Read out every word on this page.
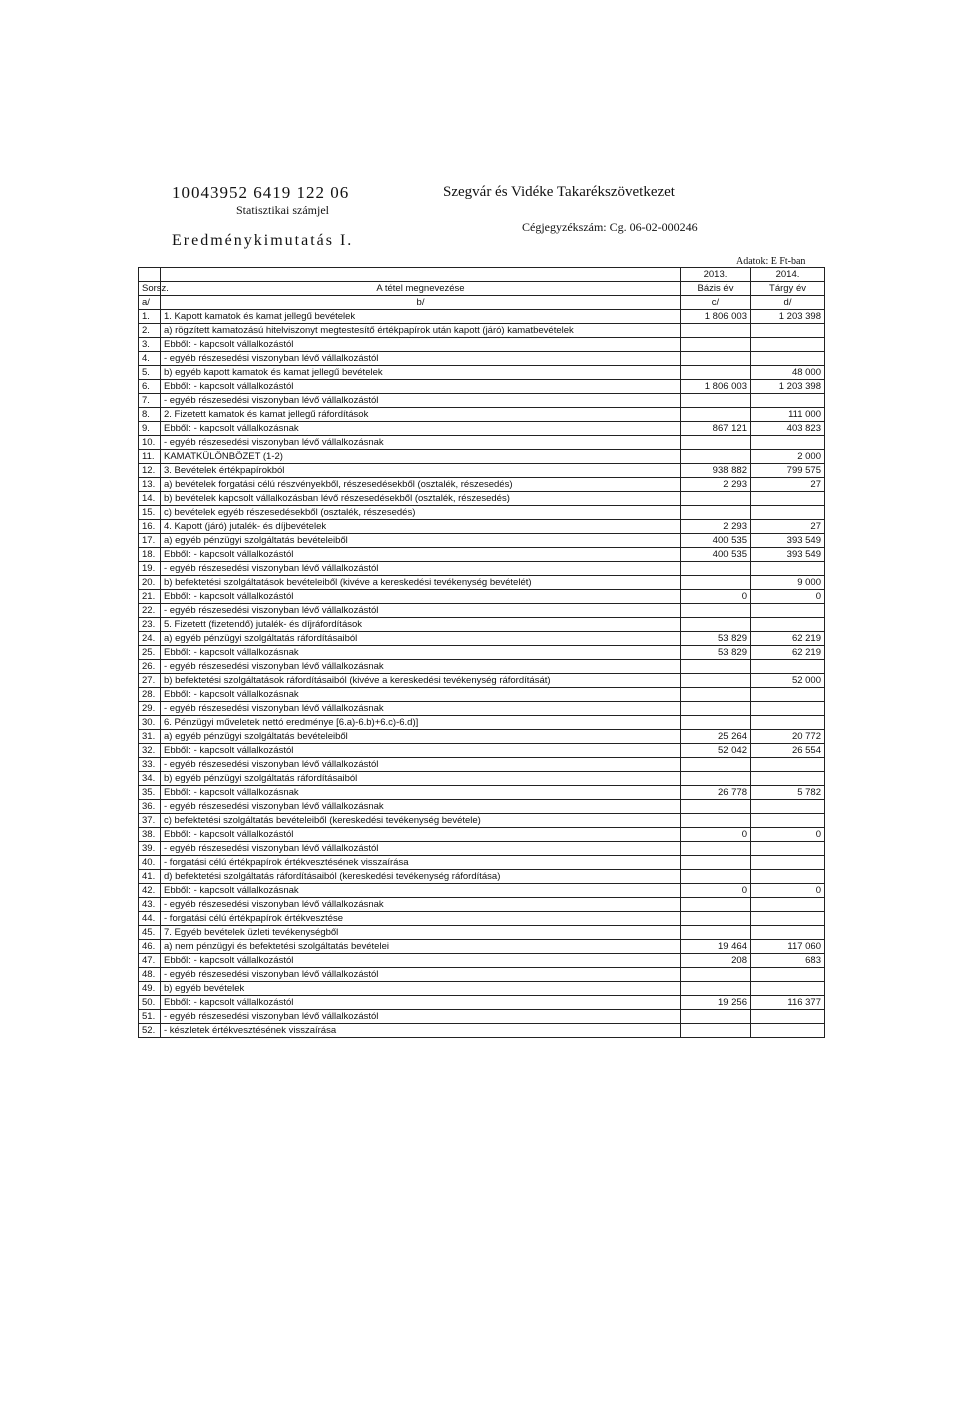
10043952 6419 122 06
Statisztikai számjel
Szegvár és Vidéke Takarékszövetkezet
Cégjegyzékszám: Cg. 06-02-000246
Eredménykimutatás I.
Adatok: E Ft-ban
		2013.	2014.
Sorsz.	A tétel megnevezése	Bázis év	Tárgy év
a/	b/	c/	d/
1.	1. Kapott kamatok és kamat jellegű bevételek	1 806 003	1 203 398
2.	a) rögzített kamatozású hitelviszonyt megtestesítő értékpapírok után kapott (járó) kamatbevételek		
3.	Ebből: - kapcsolt vállalkozástól		
4.	- egyéb részesedési viszonyban lévő vállalkozástól		
5.	b) egyéb kapott kamatok és kamat jellegű bevételek		48 000
6.	Ebből: - kapcsolt vállalkozástól	1 806 003	1 203 398
7.	- egyéb részesedési viszonyban lévő vállalkozástól		
8.	2. Fizetett kamatok és kamat jellegű ráfordítások		111 000
9.	Ebből: - kapcsolt vállalkozásnak	867 121	403 823
10.	- egyéb részesedési viszonyban lévő vállalkozásnak		
11.	KAMATKÜLÖNBÖZET (1-2)		2 000
12.	3. Bevételek értékpapírokból	938 882	799 575
13.	a) bevételek forgatási célú részvényekből, részesedésekből (osztalék, részesedés)	2 293	27
14.	b) bevételek kapcsolt vállalkozásban lévő részesedésekből (osztalék, részesedés)		
15.	c) bevételek egyéb részesedésekből (osztalék, részesedés)		
16.	4. Kapott (járó) jutalék- és díjbevételek	2 293	27
17.	a) egyéb pénzügyi szolgáltatás bevételeiből	400 535	393 549
18.	Ebből: - kapcsolt vállalkozástól	400 535	393 549
19.	- egyéb részesedési viszonyban lévő vállalkozástól		
20.	b) befektetési szolgáltatások bevételeiből (kivéve a kereskedési tevékenység bevételét)		9 000
21.	Ebből: - kapcsolt vállalkozástól	0	0
22.	- egyéb részesedési viszonyban lévő vállalkozástól		
23.	5. Fizetett (fizetendő) jutalék- és díjráfordítások		
24.	a) egyéb pénzügyi szolgáltatás ráfordításaiból	53 829	62 219
25.	Ebből: - kapcsolt vállalkozásnak	53 829	62 219
26.	- egyéb részesedési viszonyban lévő vállalkozásnak		
27.	b) befektetési szolgáltatások ráfordításaiból (kivéve a kereskedési tevékenység ráfordítását)		52 000
28.	Ebből: - kapcsolt vállalkozásnak		
29.	- egyéb részesedési viszonyban lévő vállalkozásnak		
30.	6. Pénzügyi műveletek nettó eredménye [6.a)-6.b)+6.c)-6.d)]		
31.	a) egyéb pénzügyi szolgáltatás bevételeiből	25 264	20 772
32.	Ebből: - kapcsolt vállalkozástól	52 042	26 554
33.	- egyéb részesedési viszonyban lévő vállalkozástól		
34.	b) egyéb pénzügyi szolgáltatás ráfordításaiból		
35.	Ebből: - kapcsolt vállalkozásnak	26 778	5 782
36.	- egyéb részesedési viszonyban lévő vállalkozásnak		
37.	c) befektetési szolgáltatás bevételeiből (kereskedési tevékenység bevétele)		
38.	Ebből: - kapcsolt vállalkozástól	0	0
39.	- egyéb részesedési viszonyban lévő vállalkozástól		
40.	- forgatási célú értékpapírok értékvesztésének visszaírása		
41.	d) befektetési szolgáltatás ráfordításaiból (kereskedési tevékenység ráfordítása)		
42.	Ebből: - kapcsolt vállalkozásnak	0	0
43.	- egyéb részesedési viszonyban lévő vállalkozásnak		
44.	- forgatási célú értékpapírok értékvesztése		
45.	7. Egyéb bevételek üzleti tevékenységből		
46.	a) nem pénzügyi és befektetési szolgáltatás bevételei	19 464	117 060
47.	Ebből: - kapcsolt vállalkozástól	208	683
48.	- egyéb részesedési viszonyban lévő vállalkozástól		
49.	b) egyéb bevételek		
50.	Ebből: - kapcsolt vállalkozástól	19 256	116 377
51.	- egyéb részesedési viszonyban lévő vállalkozástól		
52.	- készletek értékvesztésének visszaírása		
